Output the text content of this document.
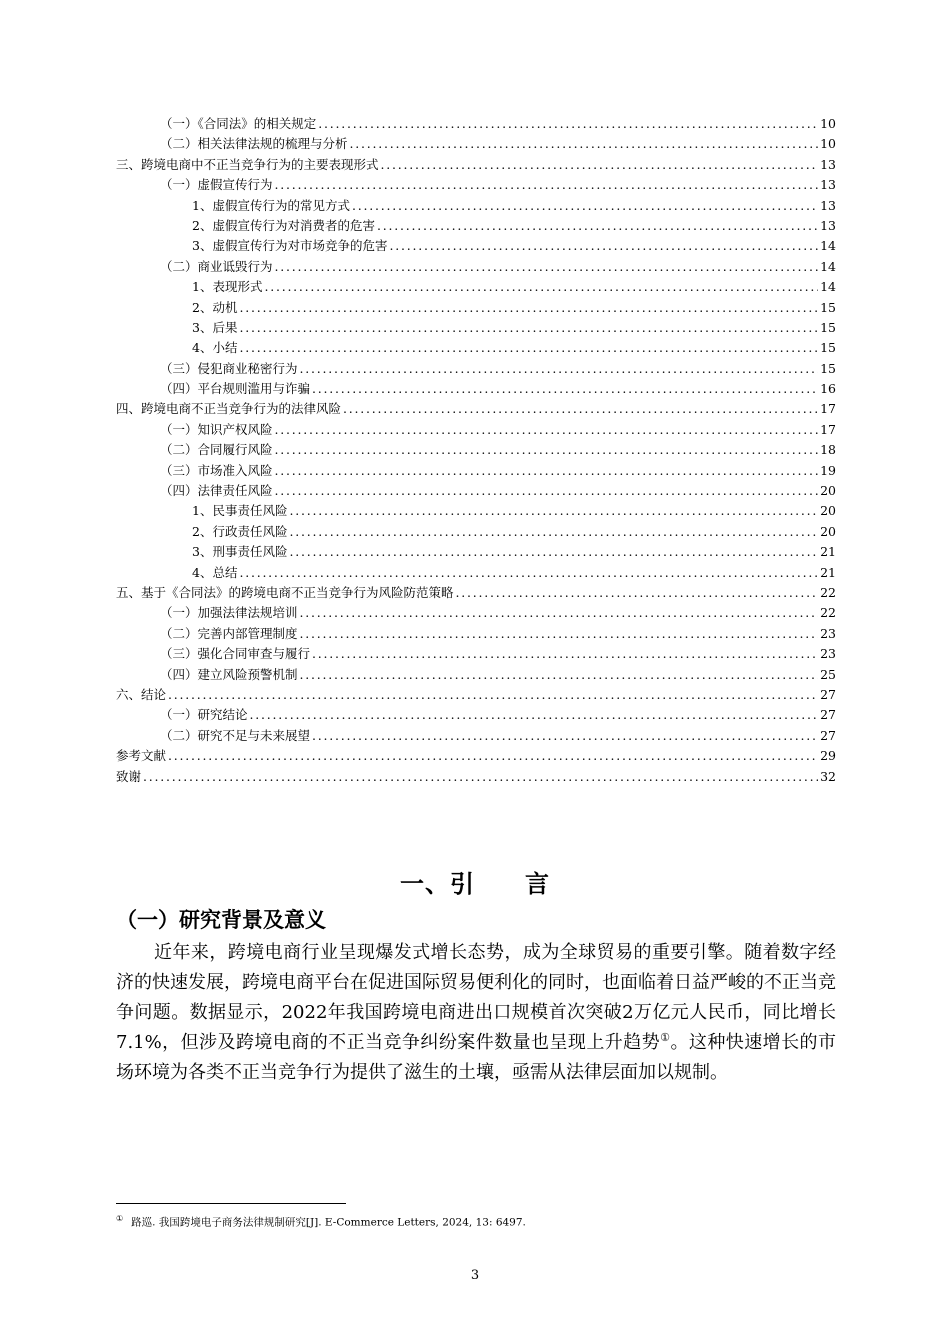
（一）《合同法》的相关规定 . . .	10
（二）相关法律法规的梳理与分析 . . .	10
三、跨境电商中不正当竞争行为的主要表现形式 . . .	13
（一）虚假宣传行为 . . .	13
1、虚假宣传行为的常见方式 . . .	13
2、虚假宣传行为对消费者的危害 . . .	13
3、虚假宣传行为对市场竞争的危害 . . .	14
（二）商业诋毁行为 . . .	14
1、表现形式 . . .	14
2、动机 . . .	15
3、后果 . . .	15
4、小结 . . .	15
（三）侵犯商业秘密行为 . . .	15
（四）平台规则滥用与诈骗 . . .	16
四、跨境电商不正当竞争行为的法律风险 . . .	17
（一）知识产权风险 . . .	17
（二）合同履行风险 . . .	18
（三）市场准入风险 . . .	19
（四）法律责任风险 . . .	20
1、民事责任风险 . . .	20
2、行政责任风险 . . .	20
3、刑事责任风险 . . .	21
4、总结 . . .	21
五、基于《合同法》的跨境电商不正当竞争行为风险防范策略 . . .	22
（一）加强法律法规培训 . . .	22
（二）完善内部管理制度 . . .	23
（三）强化合同审查与履行 . . .	23
（四）建立风险预警机制 . . .	25
六、结论 . . .	27
（一）研究结论 . . .	27
（二）研究不足与未来展望 . . .	27
参考文献 . . .	29
致谢 . . .	32
一、引　　言
（一）研究背景及意义
近年来，跨境电商行业呈现爆发式增长态势，成为全球贸易的重要引擎。随着数字经济的快速发展，跨境电商平台在促进国际贸易便利化的同时，也面临着日益严峻的不正当竞争问题。数据显示，2022年我国跨境电商进出口规模首次突破2万亿元人民币，同比增长7.1%，但涉及跨境电商的不正当竞争纠纷案件数量也呈现上升趋势①。这种快速增长的市场环境为各类不正当竞争行为提供了滋生的土壤，亟需从法律层面加以规制。
① 路巡. 我国跨境电子商务法律规制研究[J]. E-Commerce Letters, 2024, 13: 6497.
3
